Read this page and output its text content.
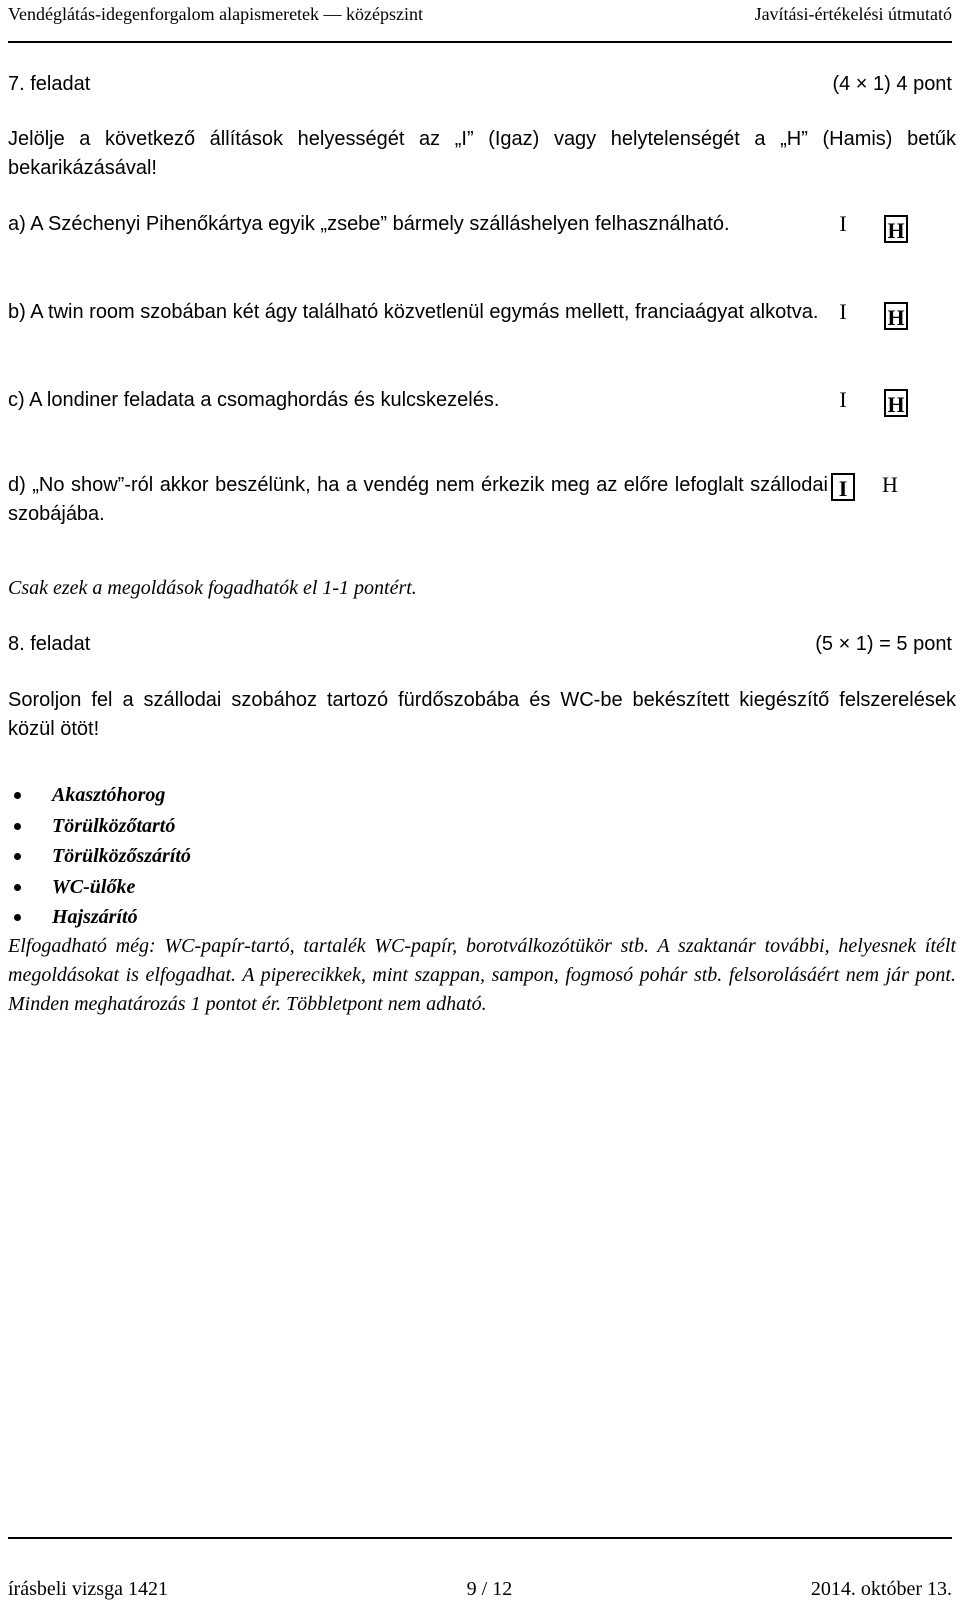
Vendéglátás-idegenforgalom alapismeretek — középszint	Javítási-értékelési útmutató
7. feladat	(4 × 1) 4 pont
Jelölje a következő állítások helyességét az „I” (Igaz) vagy helytelenségét a „H” (Hamis) betűk bekarikázásával!
a) A Széchenyi Pihenőkártya egyik „zsebe” bármely szálláshelyen felhasználható.	I	H
b) A twin room szobában két ágy található közvetlenül egymás mellett, franciaágyat alkotva. I	H
c) A londiner feladata a csomaghordás és kulcskezelés.	I	H
d) „No show”-ról akkor beszélünk, ha a vendég nem érkezik meg az előre lefoglalt szállodai szobájába.
I	H
Csak ezek a megoldások fogadhatók el 1-1 pontért.
8. feladat	(5 × 1) = 5 pont
Soroljon fel a szállodai szobához tartozó fürdőszobába és WC-be bekészített kiegészítő felszerelések közül ötöt!
Akasztóhorog
Törülközőtartó
Törülközőszárító
WC-ülőke
Hajszárító
Elfogadható még: WC-papír-tartó, tartalék WC-papír, borotválkozótükör stb. A szaktanár további, helyesnek ítélt megoldásokat is elfogadhat. A piperecikkek, mint szappan, sampon, fogmosó pohár stb. felsorolásáért nem jár pont. Minden meghatározás 1 pontot ér. Többletpont nem adható.
írásbeli vizsga 1421	9 / 12	2014. október 13.
